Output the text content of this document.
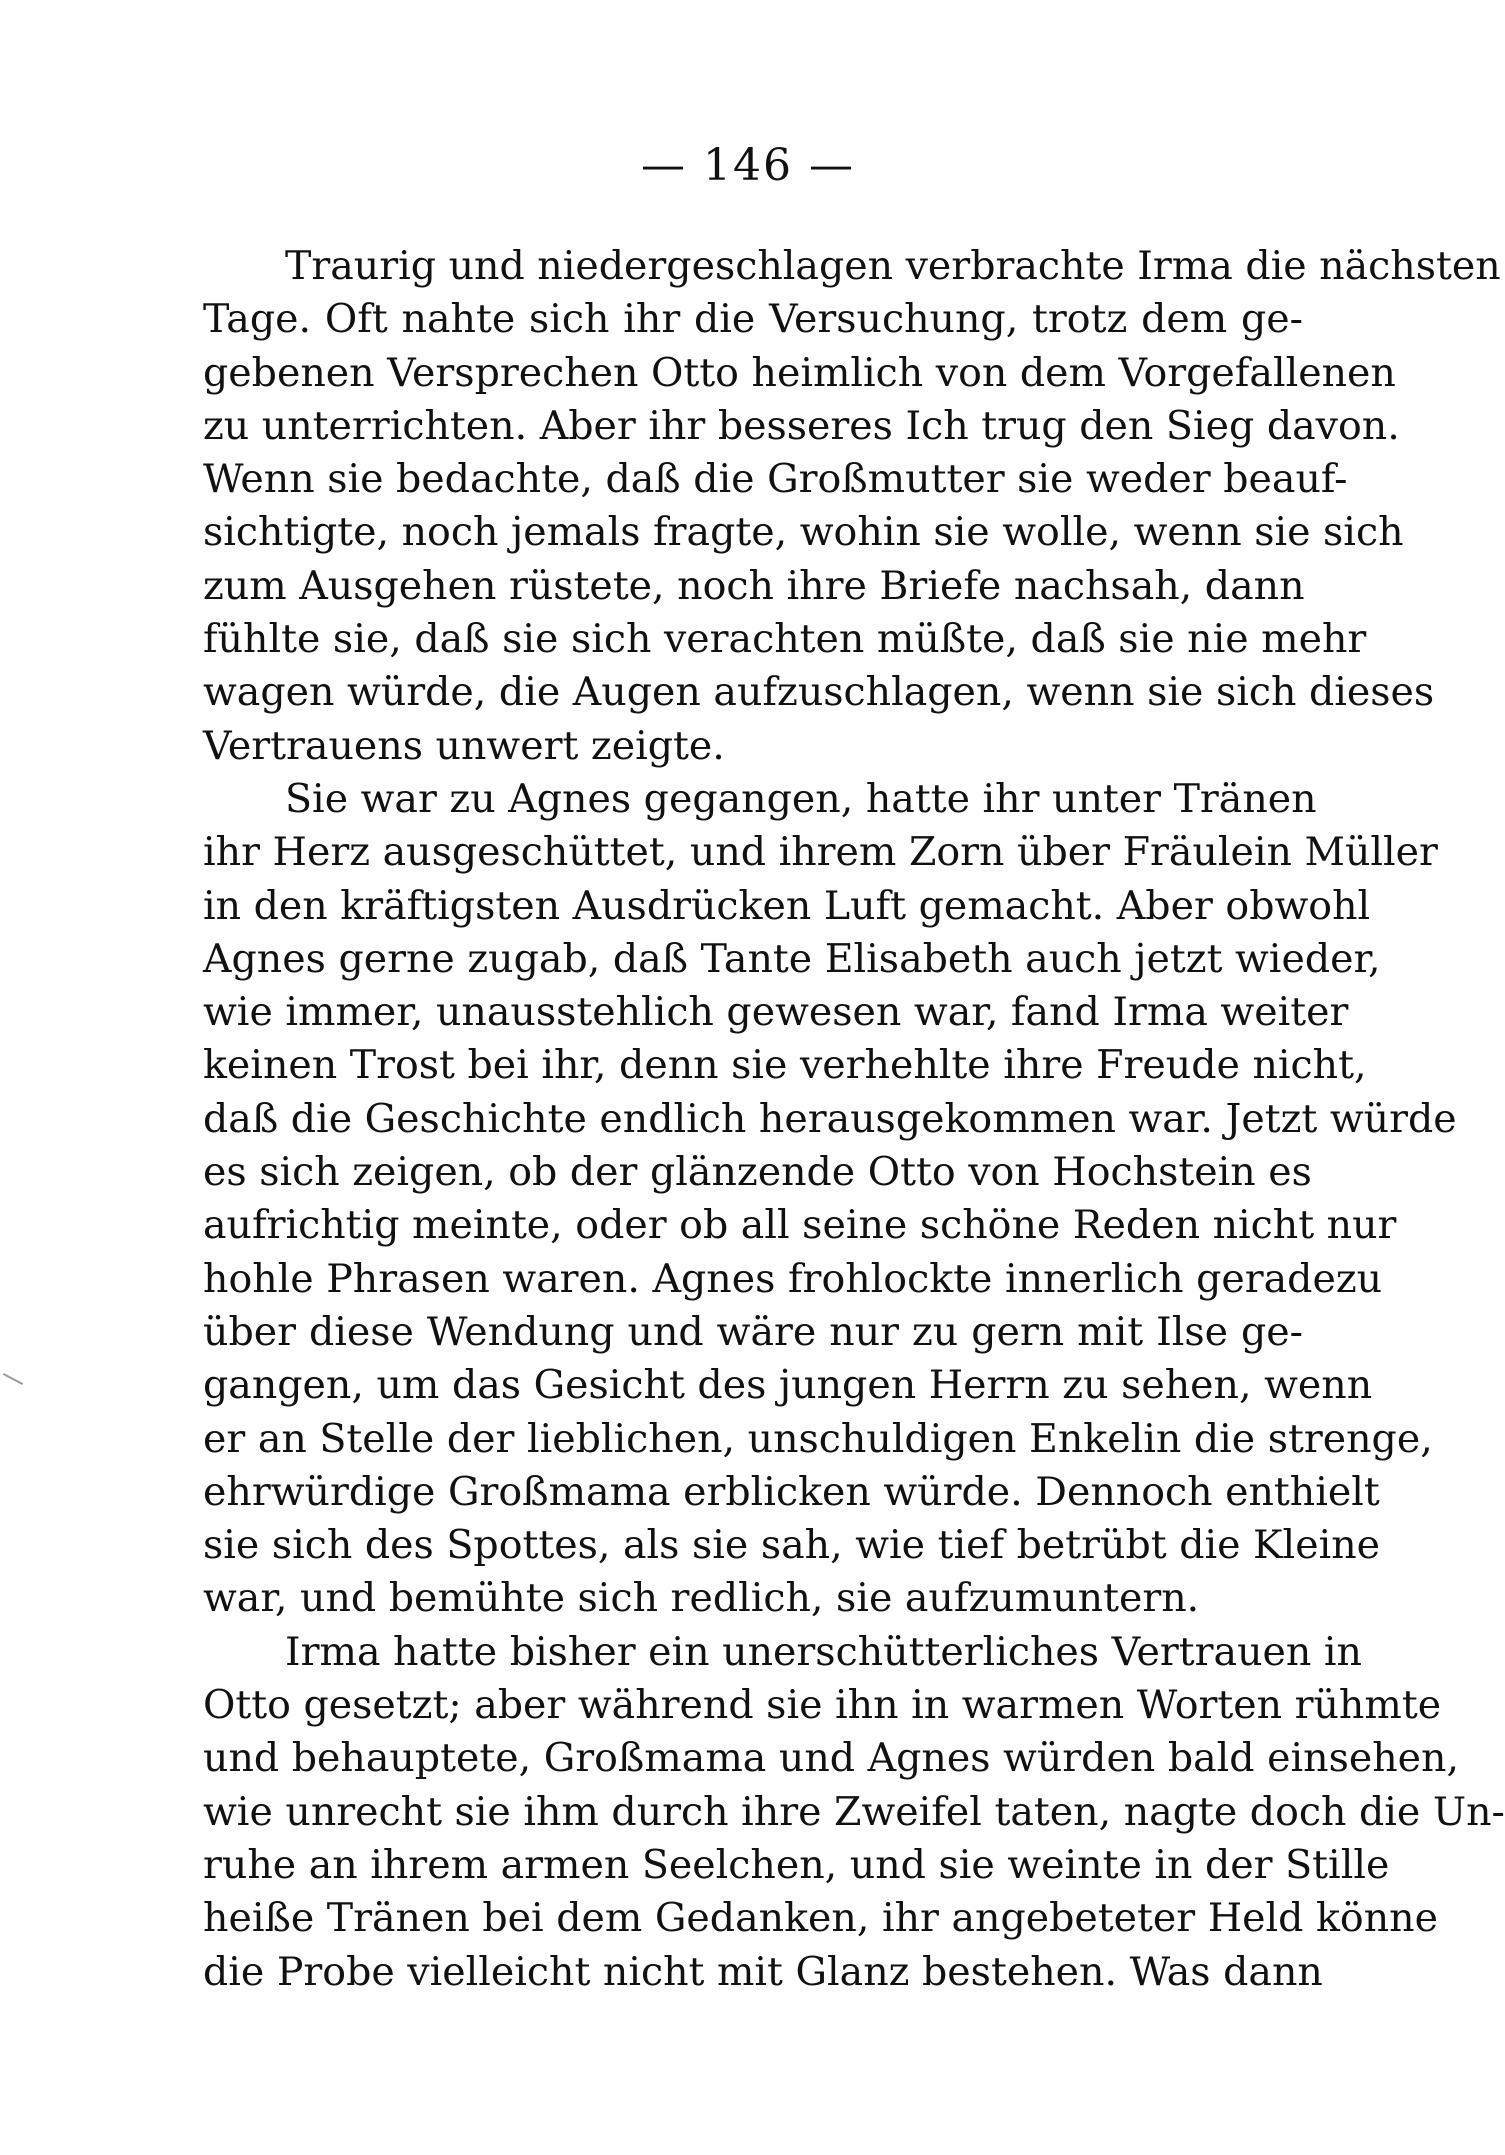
— 146 —
Traurig und niedergeschlagen verbrachte Irma die nächsten
Tage. Oft nahte sich ihr die Versuchung, trotz dem ge-
gebenen Versprechen Otto heimlich von dem Vorgefallenen
zu unterrichten. Aber ihr besseres Ich trug den Sieg davon.
Wenn sie bedachte, daß die Großmutter sie weder beauf-
sichtigte, noch jemals fragte, wohin sie wolle, wenn sie sich
zum Ausgehen rüstete, noch ihre Briefe nachsah, dann
fühlte sie, daß sie sich verachten müßte, daß sie nie mehr
wagen würde, die Augen aufzuschlagen, wenn sie sich dieses
Vertrauens unwert zeigte.
Sie war zu Agnes gegangen, hatte ihr unter Tränen
ihr Herz ausgeschüttet, und ihrem Zorn über Fräulein Müller
in den kräftigsten Ausdrücken Luft gemacht. Aber obwohl
Agnes gerne zugab, daß Tante Elisabeth auch jetzt wieder,
wie immer, unausstehlich gewesen war, fand Irma weiter
keinen Trost bei ihr, denn sie verhehlte ihre Freude nicht,
daß die Geschichte endlich herausgekommen war. Jetzt würde
es sich zeigen, ob der glänzende Otto von Hochstein es
aufrichtig meinte, oder ob all seine schöne Reden nicht nur
hohle Phrasen waren. Agnes frohlockte innerlich geradezu
über diese Wendung und wäre nur zu gern mit Ilse ge-
gangen, um das Gesicht des jungen Herrn zu sehen, wenn
er an Stelle der lieblichen, unschuldigen Enkelin die strenge,
ehrwürdige Großmama erblicken würde. Dennoch enthielt
sie sich des Spottes, als sie sah, wie tief betrübt die Kleine
war, und bemühte sich redlich, sie aufzumuntern.
Irma hatte bisher ein unerschütterliches Vertrauen in
Otto gesetzt; aber während sie ihn in warmen Worten rühmte
und behauptete, Großmama und Agnes würden bald einsehen,
wie unrecht sie ihm durch ihre Zweifel taten, nagte doch die Un-
ruhe an ihrem armen Seelchen, und sie weinte in der Stille
heiße Tränen bei dem Gedanken, ihr angebeteter Held könne
die Probe vielleicht nicht mit Glanz bestehen. Was dann
